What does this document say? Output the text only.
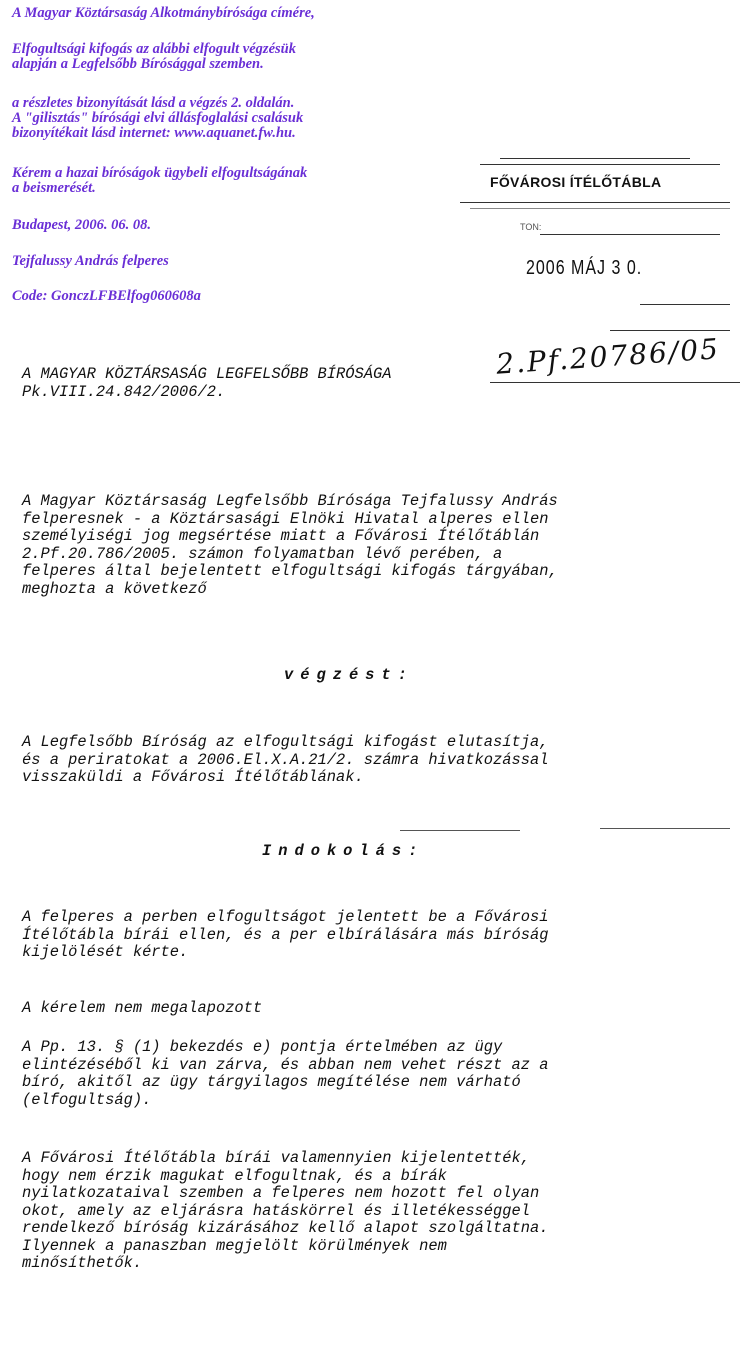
A Magyar Köztársaság Alkotmánybírósága címére,

Elfogultsági kifogás az alábbi elfogult végzésük

alapján a Legfelsőbb Bírósággal szemben.

a részletes bizonyítását lásd a végzés 2. oldalán.

A "gilisztás" bírósági elvi állásfoglalási csalásuk

bizonyítékait lásd internet: www.aquanet.fw.hu.

Kérem a hazai bíróságok ügybeli elfogultságának

a beismerését.

Budapest, 2006. 06. 08.

Tejfalussy András felperes

Code: GonczLFBElfog060608a

FŐVÁROSI ÍTÉLŐTÁBLA
TON:
2006 MÁJ 3 0.
2.Pf.20786/05
A MAGYAR KÖZTÁRSASÁG LEGFELSŐBB BÍRÓSÁGA
Pk.VIII.24.842/2006/2.
A Magyar Köztársaság Legfelsőbb Bírósága Tejfalussy András
felperesnek - a Köztársasági Elnöki Hivatal alperes ellen
személyiségi jog megsértése miatt a Fővárosi Ítélőtáblán
2.Pf.20.786/2005. számon folyamatban lévő perében, a
felperes által bejelentett elfogultsági kifogás tárgyában,
meghozta a következő
végzést:
A Legfelsőbb Bíróság az elfogultsági kifogást elutasítja,
és a periratokat a 2006.El.X.A.21/2. számra hivatkozással
visszaküldi a Fővárosi Ítélőtáblának.
Indokolás:
A felperes a perben elfogultságot jelentett be a Fővárosi
Ítélőtábla bírái ellen, és a per elbírálására más bíróság
kijelölését kérte.
A kérelem nem megalapozott
A Pp. 13. § (1) bekezdés e) pontja értelmében az ügy
elintézéséből ki van zárva, és abban nem vehet részt az a
bíró, akitől az ügy tárgyilagos megítélése nem várható
(elfogultság).
A Fővárosi Ítélőtábla bírái valamennyien kijelentették,
hogy nem érzik magukat elfogultnak, és a bírák
nyilatkozataival szemben a felperes nem hozott fel olyan
okot, amely az eljárásra hatáskörrel és illetékességgel
rendelkező bíróság kizárásához kellő alapot szolgáltatna.
Ilyennek a panaszban megjelölt körülmények nem
minősíthetők.
